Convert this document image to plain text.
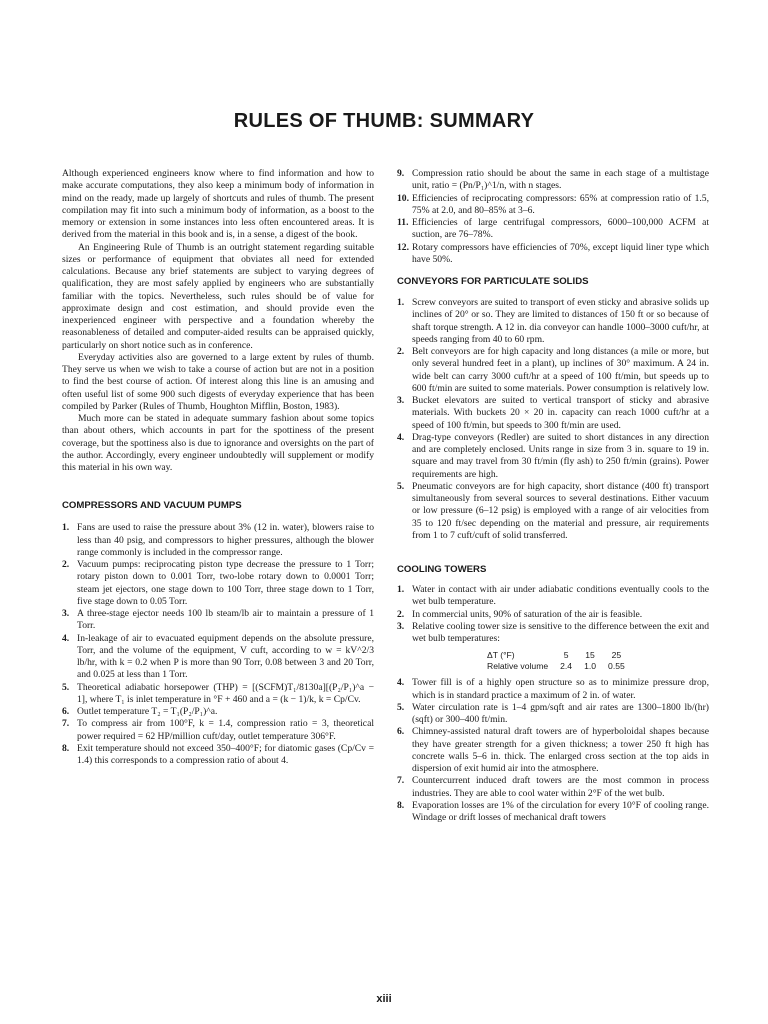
RULES OF THUMB: SUMMARY

Although experienced engineers know where to find information and how to make accurate computations, they also keep a minimum body of information in mind on the ready, made up largely of shortcuts and rules of thumb. The present compilation may fit into such a minimum body of information, as a boost to the memory or extension in some instances into less often encountered areas. It is derived from the material in this book and is, in a sense, a digest of the book.

An Engineering Rule of Thumb is an outright statement regarding suitable sizes or performance of equipment that obviates all need for extended calculations. Because any brief statements are subject to varying degrees of qualification, they are most safely applied by engineers who are substantially familiar with the topics. Nevertheless, such rules should be of value for approximate design and cost estimation, and should provide even the inexperienced engineer with perspective and a foundation whereby the reasonableness of detailed and computer-aided results can be appraised quickly, particularly on short notice such as in conference.

Everyday activities also are governed to a large extent by rules of thumb. They serve us when we wish to take a course of action but are not in a position to find the best course of action. Of interest along this line is an amusing and often useful list of some 900 such digests of everyday experience that has been compiled by Parker (Rules of Thumb, Houghton Mifflin, Boston, 1983).

Much more can be stated in adequate summary fashion about some topics than about others, which accounts in part for the spottiness of the present coverage, but the spottiness also is due to ignorance and oversights on the part of the author. Accordingly, every engineer undoubtedly will supplement or modify this material in his own way.

COMPRESSORS AND VACUUM PUMPS
1. Fans are used to raise the pressure about 3% (12 in. water), blowers raise to less than 40 psig, and compressors to higher pressures, although the blower range commonly is included in the compressor range.
2. Vacuum pumps: reciprocating piston type decrease the pressure to 1 Torr; rotary piston down to 0.001 Torr, two-lobe rotary down to 0.0001 Torr; steam jet ejectors, one stage down to 100 Torr, three stage down to 1 Torr, five stage down to 0.05 Torr.
3. A three-stage ejector needs 100 lb steam/lb air to maintain a pressure of 1 Torr.
4. In-leakage of air to evacuated equipment depends on the absolute pressure, Torr, and the volume of the equipment, V cuft, according to w = kV^2/3 lb/hr, with k = 0.2 when P is more than 90 Torr, 0.08 between 3 and 20 Torr, and 0.025 at less than 1 Torr.
5. Theoretical adiabatic horsepower (THP) = [(SCFM)T₁/8130a][(P₂/P₁)^a − 1], where T₁ is inlet temperature in °F + 460 and a = (k − 1)/k, k = Cp/Cv.
6. Outlet temperature T₂ = T₁(P₂/P₁)^a.
7. To compress air from 100°F, k = 1.4, compression ratio = 3, theoretical power required = 62 HP/million cuft/day, outlet temperature 306°F.
8. Exit temperature should not exceed 350–400°F; for diatomic gases (Cp/Cv = 1.4) this corresponds to a compression ratio of about 4.
9. Compression ratio should be about the same in each stage of a multistage unit, ratio = (Pn/P₁)^1/n, with n stages.
10. Efficiencies of reciprocating compressors: 65% at compression ratio of 1.5, 75% at 2.0, and 80–85% at 3–6.
11. Efficiencies of large centrifugal compressors, 6000–100,000 ACFM at suction, are 76–78%.
12. Rotary compressors have efficiencies of 70%, except liquid liner type which have 50%.
CONVEYORS FOR PARTICULATE SOLIDS
1. Screw conveyors are suited to transport of even sticky and abrasive solids up inclines of 20° or so. They are limited to distances of 150 ft or so because of shaft torque strength. A 12 in. dia conveyor can handle 1000–3000 cuft/hr, at speeds ranging from 40 to 60 rpm.
2. Belt conveyors are for high capacity and long distances (a mile or more, but only several hundred feet in a plant), up inclines of 30° maximum. A 24 in. wide belt can carry 3000 cuft/hr at a speed of 100 ft/min, but speeds up to 600 ft/min are suited to some materials. Power consumption is relatively low.
3. Bucket elevators are suited to vertical transport of sticky and abrasive materials. With buckets 20 × 20 in. capacity can reach 1000 cuft/hr at a speed of 100 ft/min, but speeds to 300 ft/min are used.
4. Drag-type conveyors (Redler) are suited to short distances in any direction and are completely enclosed. Units range in size from 3 in. square to 19 in. square and may travel from 30 ft/min (fly ash) to 250 ft/min (grains). Power requirements are high.
5. Pneumatic conveyors are for high capacity, short distance (400 ft) transport simultaneously from several sources to several destinations. Either vacuum or low pressure (6–12 psig) is employed with a range of air velocities from 35 to 120 ft/sec depending on the material and pressure, air requirements from 1 to 7 cuft/cuft of solid transferred.
COOLING TOWERS
1. Water in contact with air under adiabatic conditions eventually cools to the wet bulb temperature.
2. In commercial units, 90% of saturation of the air is feasible.
3. Relative cooling tower size is sensitive to the difference between the exit and wet bulb temperatures:
ΔT (°F)	5	15	25
Relative volume	2.4	1.0	0.55
4. Tower fill is of a highly open structure so as to minimize pressure drop, which is in standard practice a maximum of 2 in. of water.
5. Water circulation rate is 1–4 gpm/sqft and air rates are 1300–1800 lb/(hr)(sqft) or 300–400 ft/min.
6. Chimney-assisted natural draft towers are of hyperboloidal shapes because they have greater strength for a given thickness; a tower 250 ft high has concrete walls 5–6 in. thick. The enlarged cross section at the top aids in dispersion of exit humid air into the atmosphere.
7. Countercurrent induced draft towers are the most common in process industries. They are able to cool water within 2°F of the wet bulb.
8. Evaporation losses are 1% of the circulation for every 10°F of cooling range. Windage or drift losses of mechanical draft towers
xiii
